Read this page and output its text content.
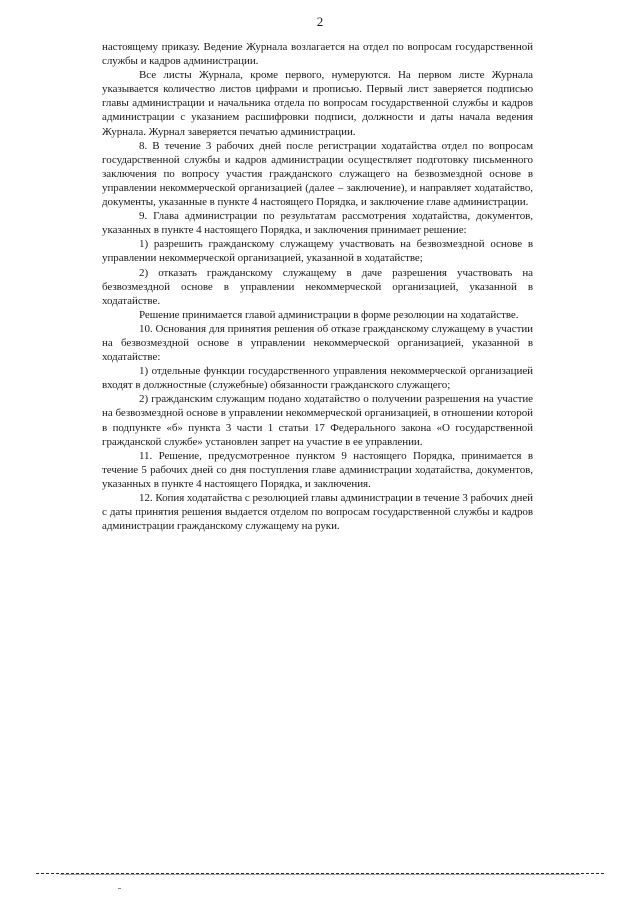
2

настоящему приказу. Ведение Журнала возлагается на отдел по вопросам государственной службы и кадров администрации.

Все листы Журнала, кроме первого, нумеруются. На первом листе Журнала указывается количество листов цифрами и прописью. Первый лист заверяется подписью главы администрации и начальника отдела по вопросам государственной службы и кадров администрации с указанием расшифровки подписи, должности и даты начала ведения Журнала. Журнал заверяется печатью администрации.

8. В течение 3 рабочих дней после регистрации ходатайства отдел по вопросам государственной службы и кадров администрации осуществляет подготовку письменного заключения по вопросу участия гражданского служащего на безвозмездной основе в управлении некоммерческой организацией (далее – заключение), и направляет ходатайство, документы, указанные в пункте 4 настоящего Порядка, и заключение главе администрации.

9. Глава администрации по результатам рассмотрения ходатайства, документов, указанных в пункте 4 настоящего Порядка, и заключения принимает решение:

1) разрешить гражданскому служащему участвовать на безвозмездной основе в управлении некоммерческой организацией, указанной в ходатайстве;

2) отказать гражданскому служащему в даче разрешения участвовать на безвозмездной основе в управлении некоммерческой организацией, указанной в ходатайстве.

Решение принимается главой администрации в форме резолюции на ходатайстве.

10. Основания для принятия решения об отказе гражданскому служащему в участии на безвозмездной основе в управлении некоммерческой организацией, указанной в ходатайстве:

1) отдельные функции государственного управления некоммерческой организацией входят в должностные (служебные) обязанности гражданского служащего;

2) гражданским служащим подано ходатайство о получении разрешения на участие на безвозмездной основе в управлении некоммерческой организацией, в отношении которой в подпункте «б» пункта 3 части 1 статьи 17 Федерального закона «О государственной гражданской службе» установлен запрет на участие в ее управлении.

11. Решение, предусмотренное пунктом 9 настоящего Порядка, принимается в течение 5 рабочих дней со дня поступления главе администрации ходатайства, документов, указанных в пункте 4 настоящего Порядка, и заключения.

12. Копия ходатайства с резолюцией главы администрации в течение 3 рабочих дней с даты принятия решения выдается отделом по вопросам государственной службы и кадров администрации гражданскому служащему на руки.
